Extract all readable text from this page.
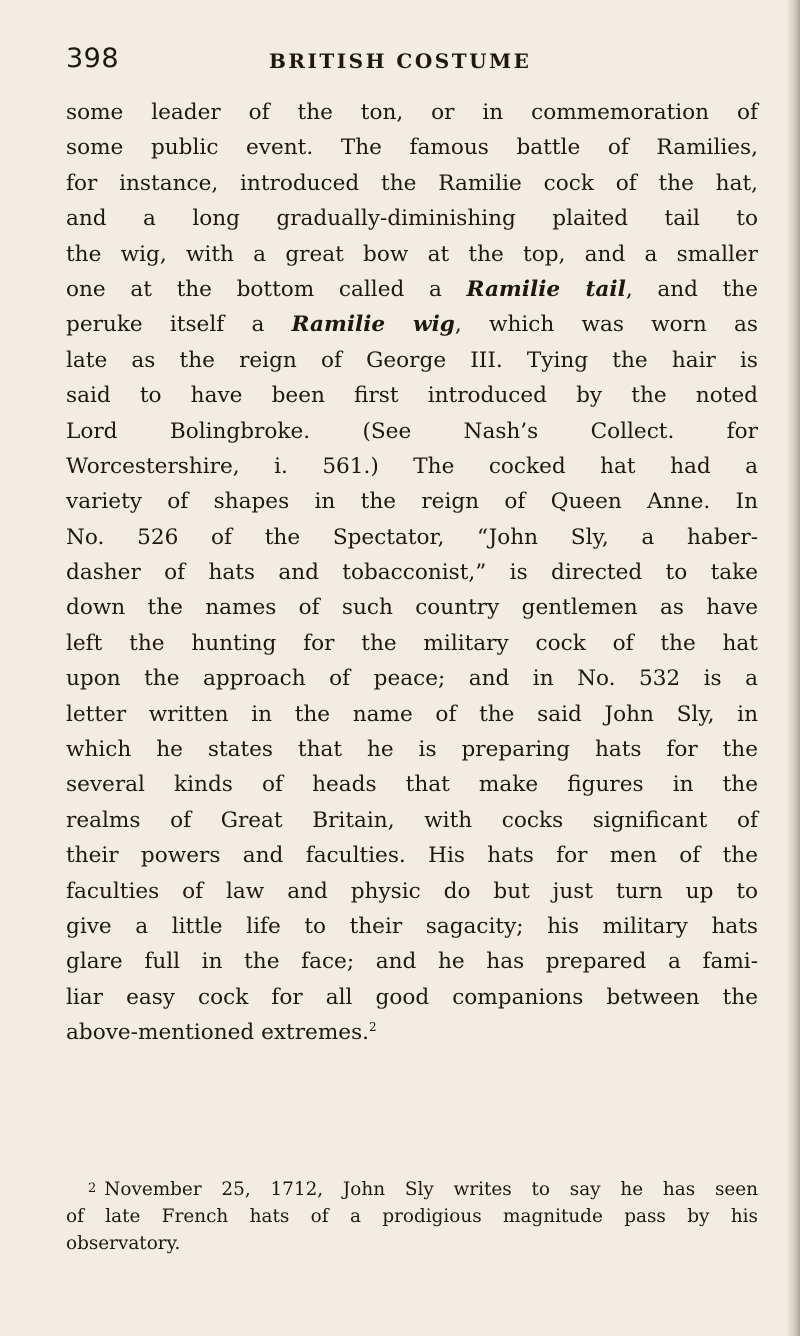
398	BRITISH COSTUME
some leader of the ton, or in commemoration of
some public event. The famous battle of Ramilies,
for instance, introduced the Ramilie cock of the hat,
and a long gradually-diminishing plaited tail to
the wig, with a great bow at the top, and a smaller
one at the bottom called a Ramilie tail, and the
peruke itself a Ramilie wig, which was worn as
late as the reign of George III. Tying the hair is
said to have been first introduced by the noted
Lord Bolingbroke. (See Nash’s Collect. for
Worcestershire, i. 561.) The cocked hat had a
variety of shapes in the reign of Queen Anne. In
No. 526 of the Spectator, “John Sly, a haber-
dasher of hats and tobacconist,” is directed to take
down the names of such country gentlemen as have
left the hunting for the military cock of the hat
upon the approach of peace; and in No. 532 is a
letter written in the name of the said John Sly, in
which he states that he is preparing hats for the
several kinds of heads that make figures in the
realms of Great Britain, with cocks significant of
their powers and faculties. His hats for men of the
faculties of law and physic do but just turn up to
give a little life to their sagacity; his military hats
glare full in the face; and he has prepared a fami-
liar easy cock for all good companions between the
above-mentioned extremes.$^2$
2 November 25, 1712, John Sly writes to say he has seen
of late French hats of a prodigious magnitude pass by his
observatory.
